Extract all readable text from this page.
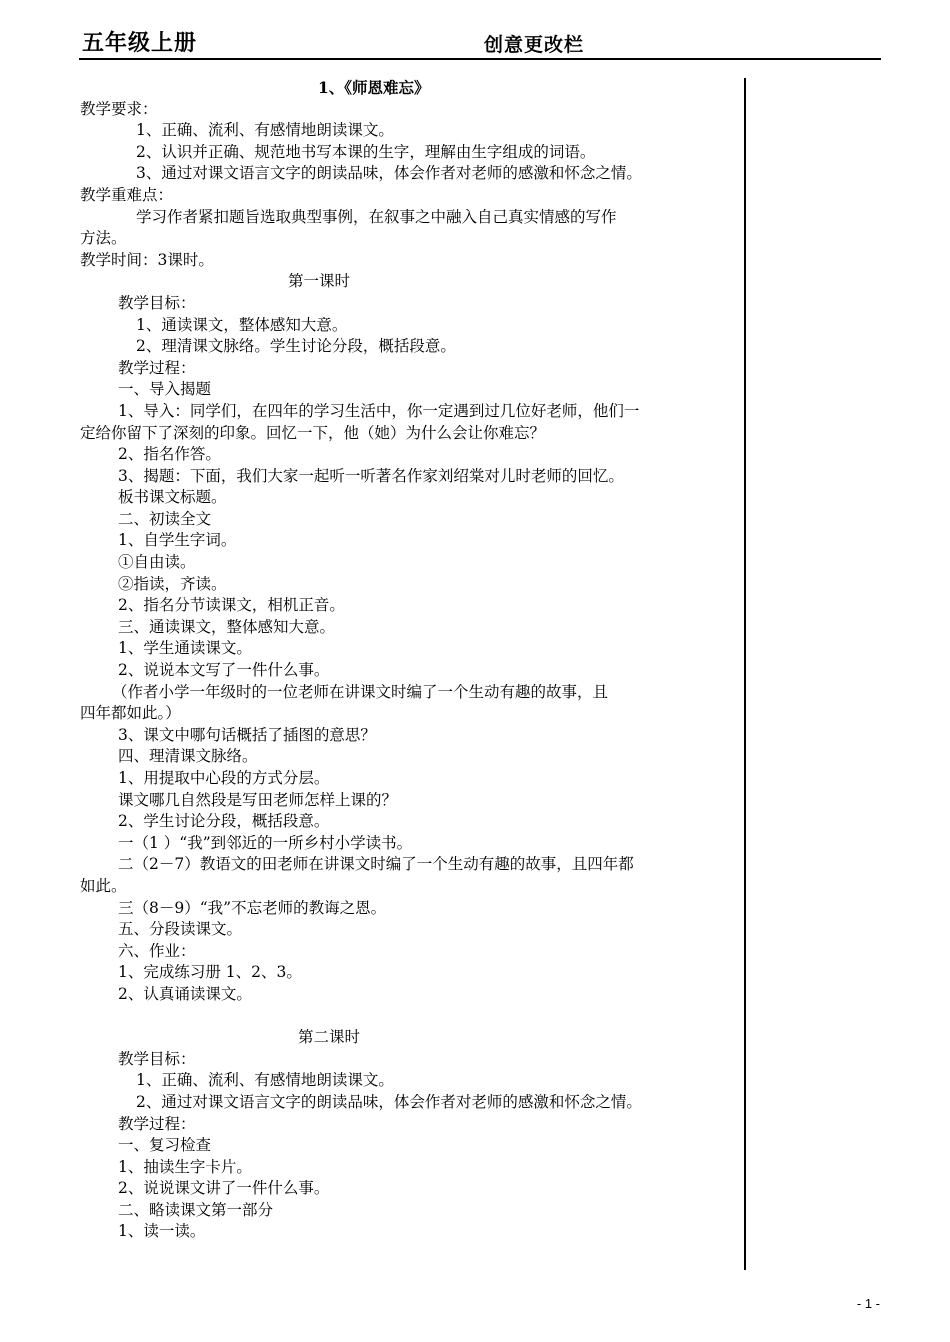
五年级上册	创意更改栏
1、《师恩难忘》
教学要求：
1、正确、流利、有感情地朗读课文。
2、认识并正确、规范地书写本课的生字，理解由生字组成的词语。
3、通过对课文语言文字的朗读品味，体会作者对老师的感激和怀念之情。
教学重难点：
学习作者紧扣题旨选取典型事例，在叙事之中融入自己真实情感的写作
方法。
教学时间：3课时。
第一课时
教学目标：
1、通读课文，整体感知大意。
2、理清课文脉络。学生讨论分段，概括段意。
教学过程：
一、导入揭题
1、导入：同学们，在四年的学习生活中，你一定遇到过几位好老师，他们一
定给你留下了深刻的印象。回忆一下，他（她）为什么会让你难忘？
2、指名作答。
3、揭题：下面，我们大家一起听一听著名作家刘绍棠对儿时老师的回忆。
板书课文标题。
二、初读全文
1、自学生字词。
①自由读。
②指读，齐读。
2、指名分节读课文，相机正音。
三、通读课文，整体感知大意。
1、学生通读课文。
2、说说本文写了一件什么事。
（作者小学一年级时的一位老师在讲课文时编了一个生动有趣的故事，且
四年都如此。）
3、课文中哪句话概括了插图的意思？
四、理清课文脉络。
1、用提取中心段的方式分层。
课文哪几自然段是写田老师怎样上课的？
2、学生讨论分段，概括段意。
一（1 ）“我”到邻近的一所乡村小学读书。
二（2－7）教语文的田老师在讲课文时编了一个生动有趣的故事，且四年都
如此。
三（8－9）“我”不忘老师的教诲之恩。
五、分段读课文。
六、作业：
1、完成练习册 1、2、3。
2、认真诵读课文。
第二课时
教学目标：
1、正确、流利、有感情地朗读课文。
2、通过对课文语言文字的朗读品味，体会作者对老师的感激和怀念之情。
教学过程：
一、复习检查
1、抽读生字卡片。
2、说说课文讲了一件什么事。
二、略读课文第一部分
1、读一读。
- 1 -
